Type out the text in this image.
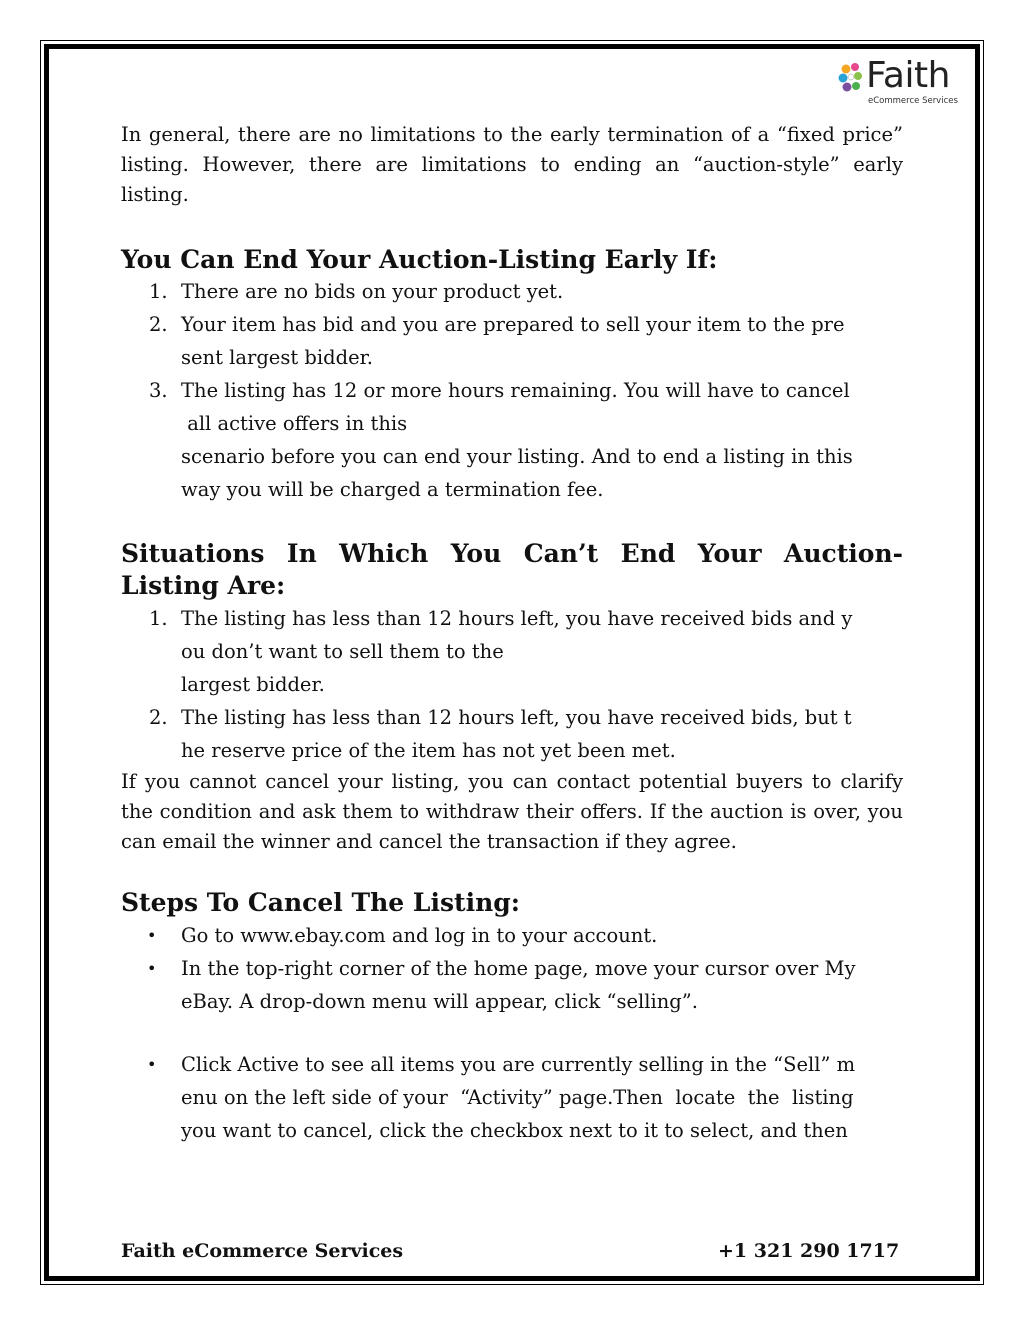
Faith
eCommerce Services

In general, there are no limitations to the early termination of a “fixed price” listing. However, there are limitations to ending an “auction-style” early listing.

You Can End Your Auction-Listing Early If:
1. There are no bids on your product yet.
2. Your item has bid and you are prepared to sell your item to the pre
sent largest bidder.
3. The listing has 12 or more hours remaining. You will have to cancel
all active offers in this
scenario before you can end your listing. And to end a listing in this
way you will be charged a termination fee.
Situations In Which You Can’t End Your Auction-Listing Are:
1. The listing has less than 12 hours left, you have received bids and y
ou don’t want to sell them to the
largest bidder.
2. The listing has less than 12 hours left, you have received bids, but t
he reserve price of the item has not yet been met.

If you cannot cancel your listing, you can contact potential buyers to clarify the condition and ask them to withdraw their offers. If the auction is over, you can email the winner and cancel the transaction if they agree.

Steps To Cancel The Listing:
• Go to www.ebay.com and log in to your account.
• In the top-right corner of the home page, move your cursor over My
eBay. A drop-down menu will appear, click “selling”.
• Click Active to see all items you are currently selling in the “Sell” m
enu on the left side of your  “Activity” page.Then  locate  the  listing
you want to cancel, click the checkbox next to it to select, and then
Faith eCommerce Services	+1 321 290 1717
